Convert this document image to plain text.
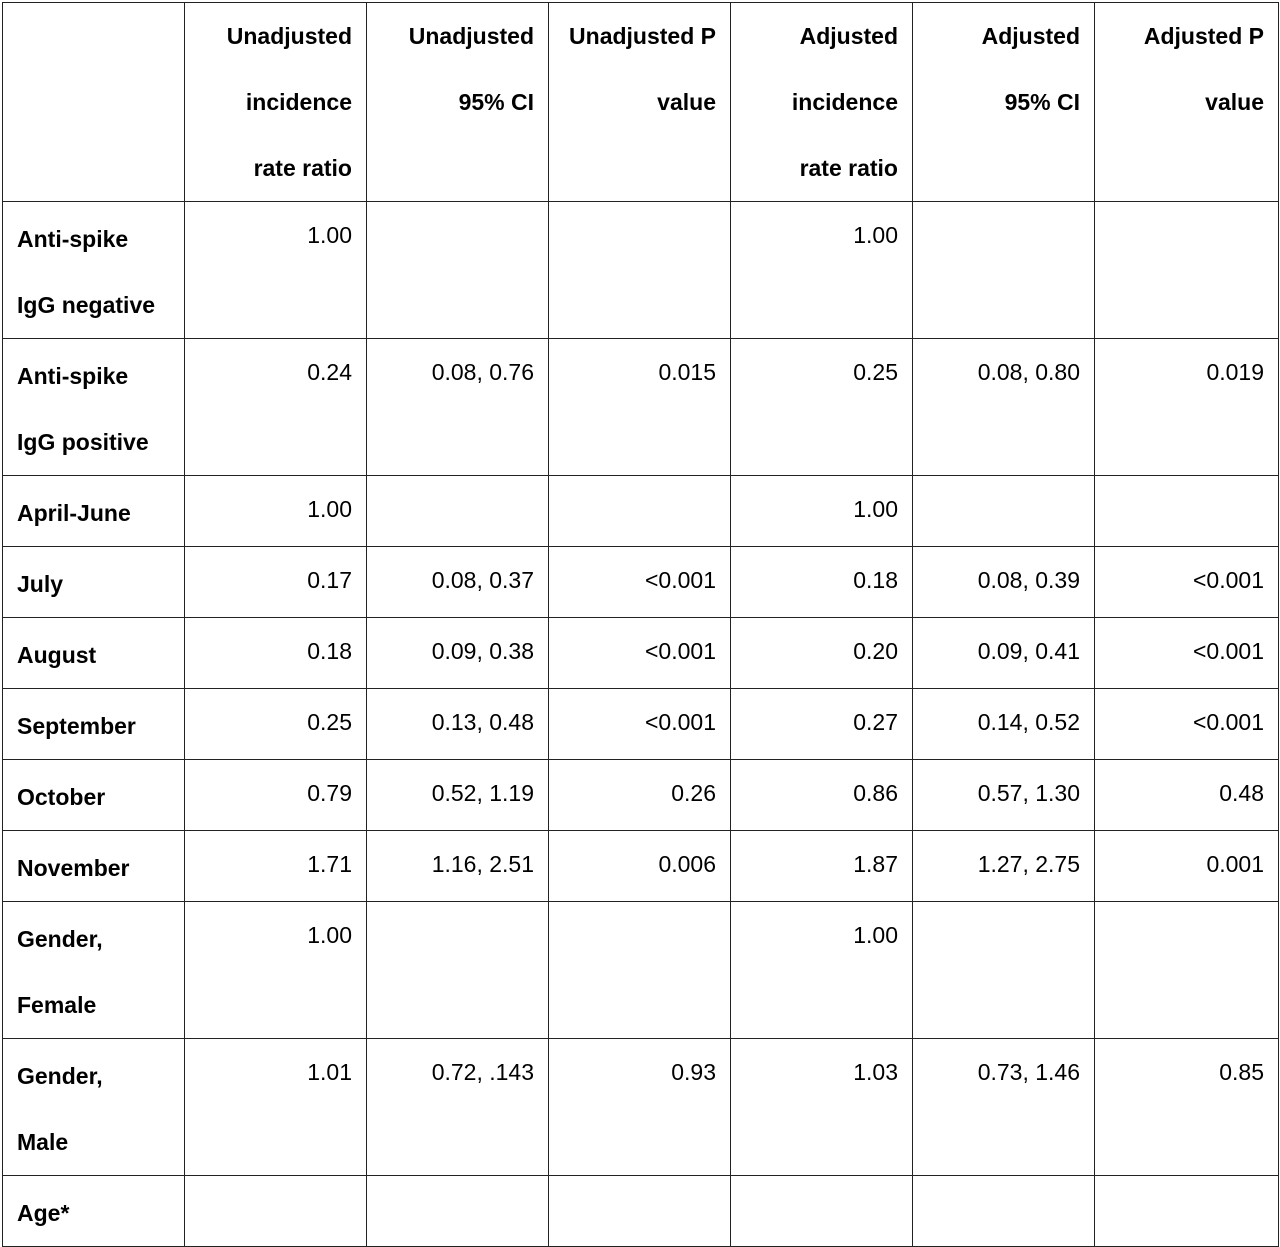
	Unadjusted
incidence
rate ratio	Unadjusted
95% CI	Unadjusted P
value	Adjusted
incidence
rate ratio	Adjusted
95% CI	Adjusted P
value

Anti-spike
IgG negative	1.00			1.00		

Anti-spike
IgG positive	0.24	0.08, 0.76	0.015	0.25	0.08, 0.80	0.019

April-June	1.00			1.00		

July	0.17	0.08, 0.37	<0.001	0.18	0.08, 0.39	<0.001

August	0.18	0.09, 0.38	<0.001	0.20	0.09, 0.41	<0.001

September	0.25	0.13, 0.48	<0.001	0.27	0.14, 0.52	<0.001

October	0.79	0.52, 1.19	0.26	0.86	0.57, 1.30	0.48

November	1.71	1.16, 2.51	0.006	1.87	1.27, 2.75	0.001

Gender,
Female	1.00			1.00		

Gender,
Male	1.01	0.72, .143	0.93	1.03	0.73, 1.46	0.85

Age*						
